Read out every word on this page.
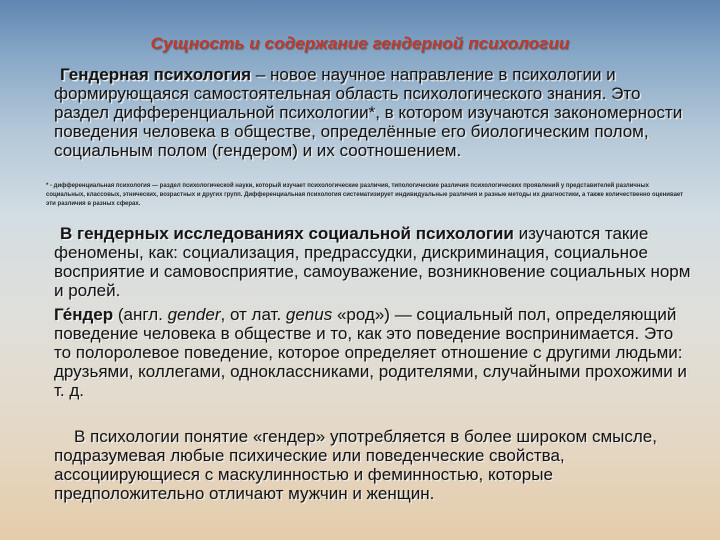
Сущность и содержание гендерной психологии

Гендерная психология – новое научное направление в психологии и формирующаяся самостоятельная область психологического знания. Это раздел дифференциальной психологии*, в котором изучаются закономерности поведения человека в обществе, определённые его биологическим полом, социальным полом (гендером) и их соотношением.

* - дифференциальная психология — раздел психологической науки, который изучает психологические различия, типологические различия психологических проявлений у представителей различных социальных, классовых, этнических, возрастных и других групп. Дифференциальная психология систематизирует индивидуальные различия и разные методы их диагностики, а также количественно оценивает эти различия в разных сферах.

В гендерных исследованиях социальной психологии изучаются такие феномены, как: социализация, предрассудки, дискриминация, социальное восприятие и самовосприятие, самоуважение, возникновение социальных норм и ролей.

Ге́ндер (англ. gender, от лат. genus «род») — социальный пол, определяющий поведение человека в обществе и то, как это поведение воспринимается. Это то полоролевое поведение, которое определяет отношение с другими людьми: друзьями, коллегами, одноклассниками, родителями, случайными прохожими и т. д.

В психологии понятие «гендер» употребляется в более широком смысле, подразумевая любые психические или поведенческие свойства, ассоциирующиеся с маскулинностью и феминностью, которые предположительно отличают мужчин и женщин.
